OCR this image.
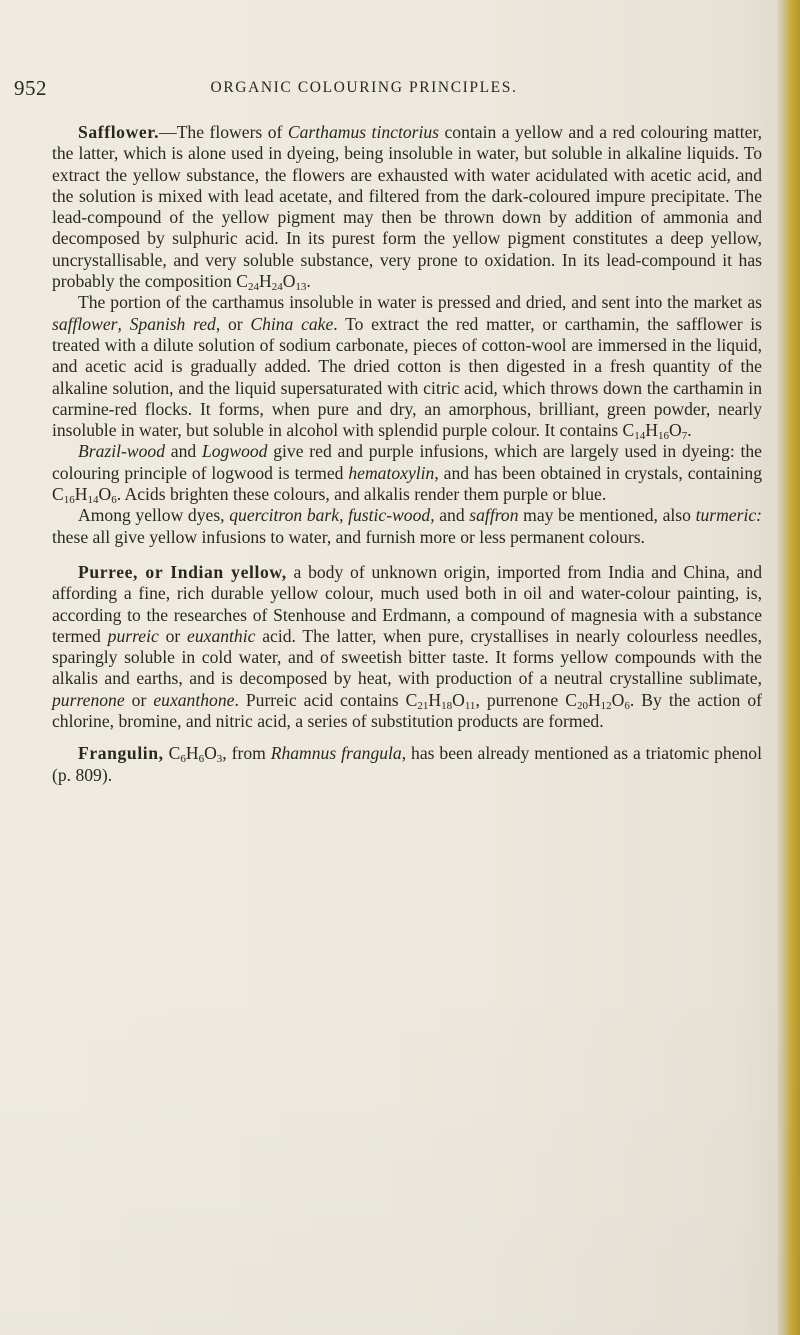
952	ORGANIC COLOURING PRINCIPLES.

Safflower.—The flowers of Carthamus tinctorius contain a yellow and a red colouring matter, the latter, which is alone used in dyeing, being insoluble in water, but soluble in alkaline liquids. To extract the yellow substance, the flowers are exhausted with water acidulated with acetic acid, and the solution is mixed with lead acetate, and filtered from the dark-coloured impure precipitate. The lead-compound of the yellow pigment may then be thrown down by addition of ammonia and decomposed by sulphuric acid. In its purest form the yellow pigment constitutes a deep yellow, uncrystallisable, and very soluble substance, very prone to oxidation. In its lead-compound it has probably the composition $C_{24}H_{24}O_{13}$.

The portion of the carthamus insoluble in water is pressed and dried, and sent into the market as safflower, Spanish red, or China cake. To extract the red matter, or carthamin, the safflower is treated with a dilute solution of sodium carbonate, pieces of cotton-wool are immersed in the liquid, and acetic acid is gradually added. The dried cotton is then digested in a fresh quantity of the alkaline solution, and the liquid supersaturated with citric acid, which throws down the carthamin in carmine-red flocks. It forms, when pure and dry, an amorphous, brilliant, green powder, nearly insoluble in water, but soluble in alcohol with splendid purple colour. It contains $C_{14}H_{16}O_7$.

Brazil-wood and Logwood give red and purple infusions, which are largely used in dyeing: the colouring principle of logwood is termed hematoxylin, and has been obtained in crystals, containing $C_{16}H_{14}O_6$. Acids brighten these colours, and alkalis render them purple or blue.

Among yellow dyes, quercitron bark, fustic-wood, and saffron may be mentioned, also turmeric: these all give yellow infusions to water, and furnish more or less permanent colours.

Purree, or Indian yellow, a body of unknown origin, imported from India and China, and affording a fine, rich durable yellow colour, much used both in oil and water-colour painting, is, according to the researches of Stenhouse and Erdmann, a compound of magnesia with a substance termed purreic or euxanthic acid. The latter, when pure, crystallises in nearly colourless needles, sparingly soluble in cold water, and of sweetish bitter taste. It forms yellow compounds with the alkalis and earths, and is decomposed by heat, with production of a neutral crystalline sublimate, purrenone or euxanthone. Purreic acid contains $C_{21}H_{18}O_{11}$, purrenone $C_{20}H_{12}O_6$. By the action of chlorine, bromine, and nitric acid, a series of substitution products are formed.

Frangulin, $C_6H_6O_3$, from Rhamnus frangula, has been already mentioned as a triatomic phenol (p. 809).
